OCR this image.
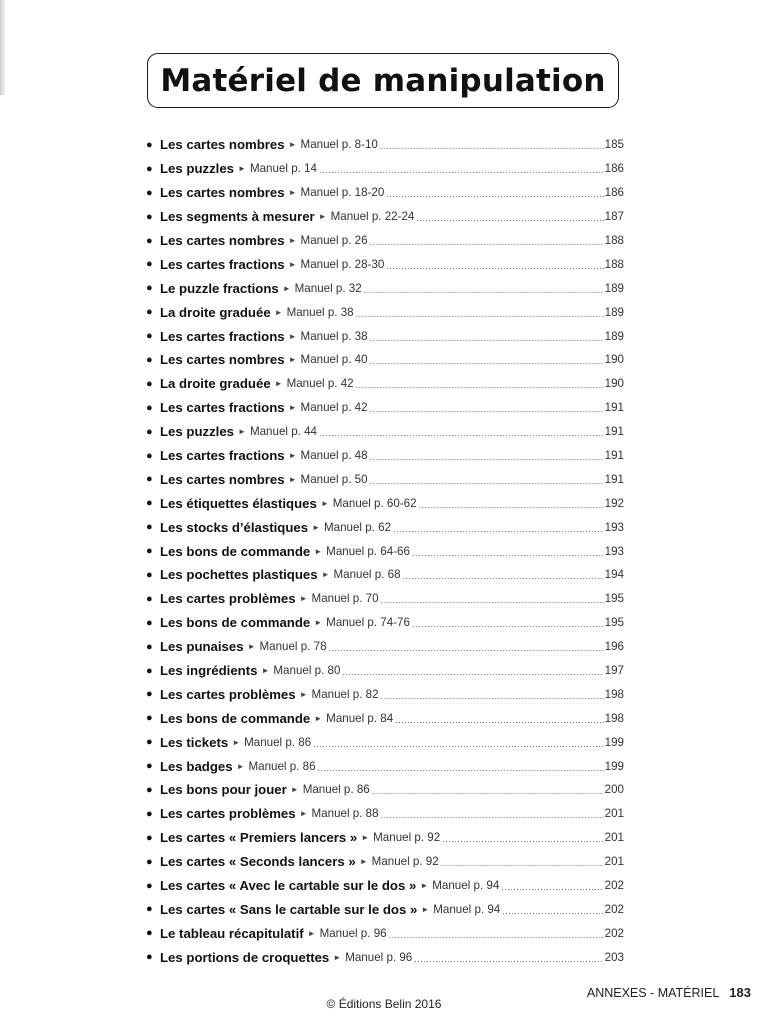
Matériel de manipulation
● Les cartes nombres ► Manuel p. 8-10 .....	185
● Les puzzles ► Manuel p. 14 .....	186
● Les cartes nombres ► Manuel p. 18-20 .....	186
● Les segments à mesurer ► Manuel p. 22-24 .....	187
● Les cartes nombres ► Manuel p. 26 .....	188
● Les cartes fractions ► Manuel p. 28-30 .....	188
● Le puzzle fractions ► Manuel p. 32 .....	189
● La droite graduée ► Manuel p. 38 .....	189
● Les cartes fractions ► Manuel p. 38 .....	189
● Les cartes nombres ► Manuel p. 40 .....	190
● La droite graduée ► Manuel p. 42 .....	190
● Les cartes fractions ► Manuel p. 42 .....	191
● Les puzzles ► Manuel p. 44 .....	191
● Les cartes fractions ► Manuel p. 48 .....	191
● Les cartes nombres ► Manuel p. 50 .....	191
● Les étiquettes élastiques ► Manuel p. 60-62 .....	192
● Les stocks d’élastiques ► Manuel p. 62 .....	193
● Les bons de commande ► Manuel p. 64-66 .....	193
● Les pochettes plastiques ► Manuel p. 68 .....	194
● Les cartes problèmes ► Manuel p. 70 .....	195
● Les bons de commande ► Manuel p. 74-76 .....	195
● Les punaises ► Manuel p. 78 .....	196
● Les ingrédients ► Manuel p. 80 .....	197
● Les cartes problèmes ► Manuel p. 82 .....	198
● Les bons de commande ► Manuel p. 84 .....	198
● Les tickets ► Manuel p. 86 .....	199
● Les badges ► Manuel p. 86 .....	199
● Les bons pour jouer ► Manuel p. 86 .....	200
● Les cartes problèmes ► Manuel p. 88 .....	201
● Les cartes « Premiers lancers » ► Manuel p. 92 .....	201
● Les cartes « Seconds lancers » ► Manuel p. 92 .....	201
● Les cartes « Avec le cartable sur le dos » ► Manuel p. 94 .....	202
● Les cartes « Sans le cartable sur le dos » ► Manuel p. 94 .....	202
● Le tableau récapitulatif ► Manuel p. 96 .....	202
● Les portions de croquettes ► Manuel p. 96 .....	203
ANNEXES - MATÉRIEL 183
© Éditions Belin 2016
